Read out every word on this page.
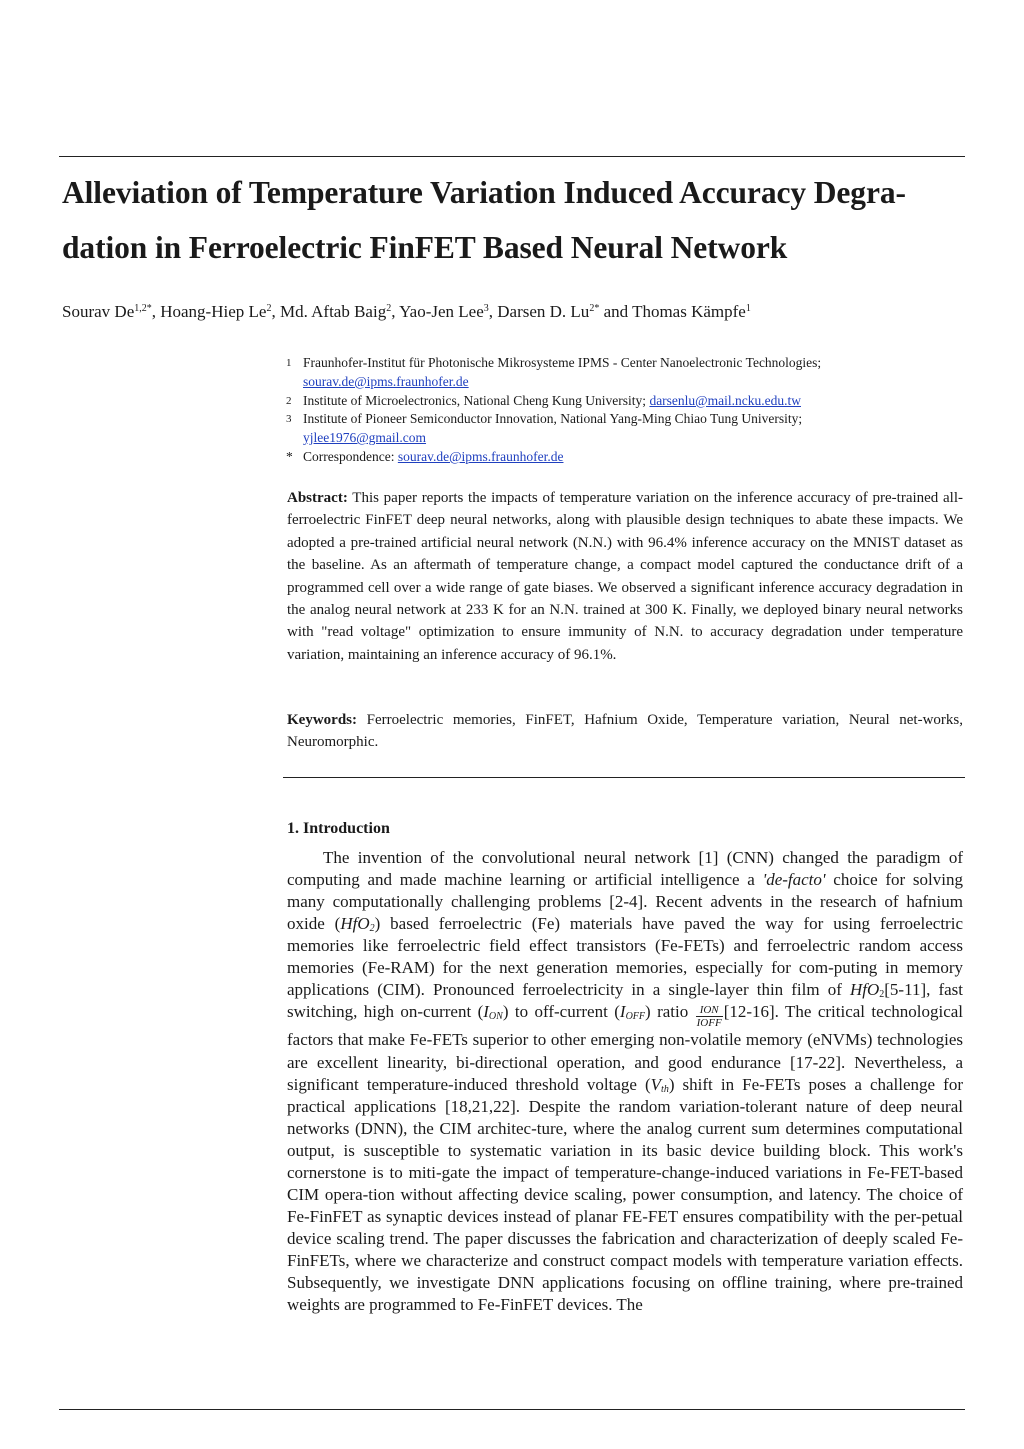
Alleviation of Temperature Variation Induced Accuracy Degra-
dation in Ferroelectric FinFET Based Neural Network

Sourav $De^{1,2*}$, Hoang-Hiep Le$^2$, Md. Aftab Baig$^2$, Yao-Jen Lee$^3$, Darsen D. $Lu^{2*}$ and Thomas Kämpfe$^1$

1 Fraunhofer-Institut für Photonische Mikrosysteme IPMS - Center Nanoelectronic Technologies;
sourav.de@ipms.fraunhofer.de
2 Institute of Microelectronics, National Cheng Kung University; darsenlu@mail.ncku.edu.tw
3 Institute of Pioneer Semiconductor Innovation, National Yang-Ming Chiao Tung University;
yjlee1976@gmail.com
* Correspondence: sourav.de@ipms.fraunhofer.de

Abstract: This paper reports the impacts of temperature variation on the inference accuracy of pre-trained all-ferroelectric FinFET deep neural networks, along with plausible design techniques to abate these impacts. We adopted a pre-trained artificial neural network (N.N.) with 96.4% inference accuracy on the MNIST dataset as the baseline. As an aftermath of temperature change, a compact model captured the conductance drift of a programmed cell over a wide range of gate biases. We observed a significant inference accuracy degradation in the analog neural network at 233 K for an N.N. trained at 300 K. Finally, we deployed binary neural networks with "read voltage" optimization to ensure immunity of N.N. to accuracy degradation under temperature variation, maintaining an inference accuracy of 96.1%.

Keywords: Ferroelectric memories, FinFET, Hafnium Oxide, Temperature variation, Neural net-works, Neuromorphic.

1. Introduction

The invention of the convolutional neural network [1] (CNN) changed the paradigm of computing and made machine learning or artificial intelligence a 'de-facto' choice for solving many computationally challenging problems [2-4]. Recent advents in the research of hafnium oxide (HfO$_2$) based ferroelectric (Fe) materials have paved the way for using ferroelectric memories like ferroelectric field effect transistors (Fe-FETs) and ferroelectric random access memories (Fe-RAM) for the next generation memories, especially for com-puting in memory applications (CIM). Pronounced ferroelectricity in a single-layer thin film of HfO$_2$[5-11], fast switching, high on-current $(I_{ON})$ to off-current $(I_{OFF})$ ratio $\frac{\text{ION}}{\text{IOFF}} [12-16]$. The critical technological factors that make Fe-FETs superior to other emerging non-volatile memory (eNVMs) technologies are excellent linearity, bi-directional operation, and good endurance [17-22]. Nevertheless, a significant temperature-induced threshold voltage $(V_{th})$ shift in Fe-FETs poses a challenge for practical applications [18,21,22]. Despite the random variation-tolerant nature of deep neural networks (DNN), the CIM architec-ture, where the analog current sum determines computational output, is susceptible to systematic variation in its basic device building block. This work's cornerstone is to miti-gate the impact of temperature-change-induced variations in Fe-FET-based CIM opera-tion without affecting device scaling, power consumption, and latency. The choice of Fe-FinFET as synaptic devices instead of planar FE-FET ensures compatibility with the per-petual device scaling trend. The paper discusses the fabrication and characterization of deeply scaled Fe-FinFETs, where we characterize and construct compact models with temperature variation effects. Subsequently, we investigate DNN applications focusing on offline training, where pre-trained weights are programmed to Fe-FinFET devices. The
